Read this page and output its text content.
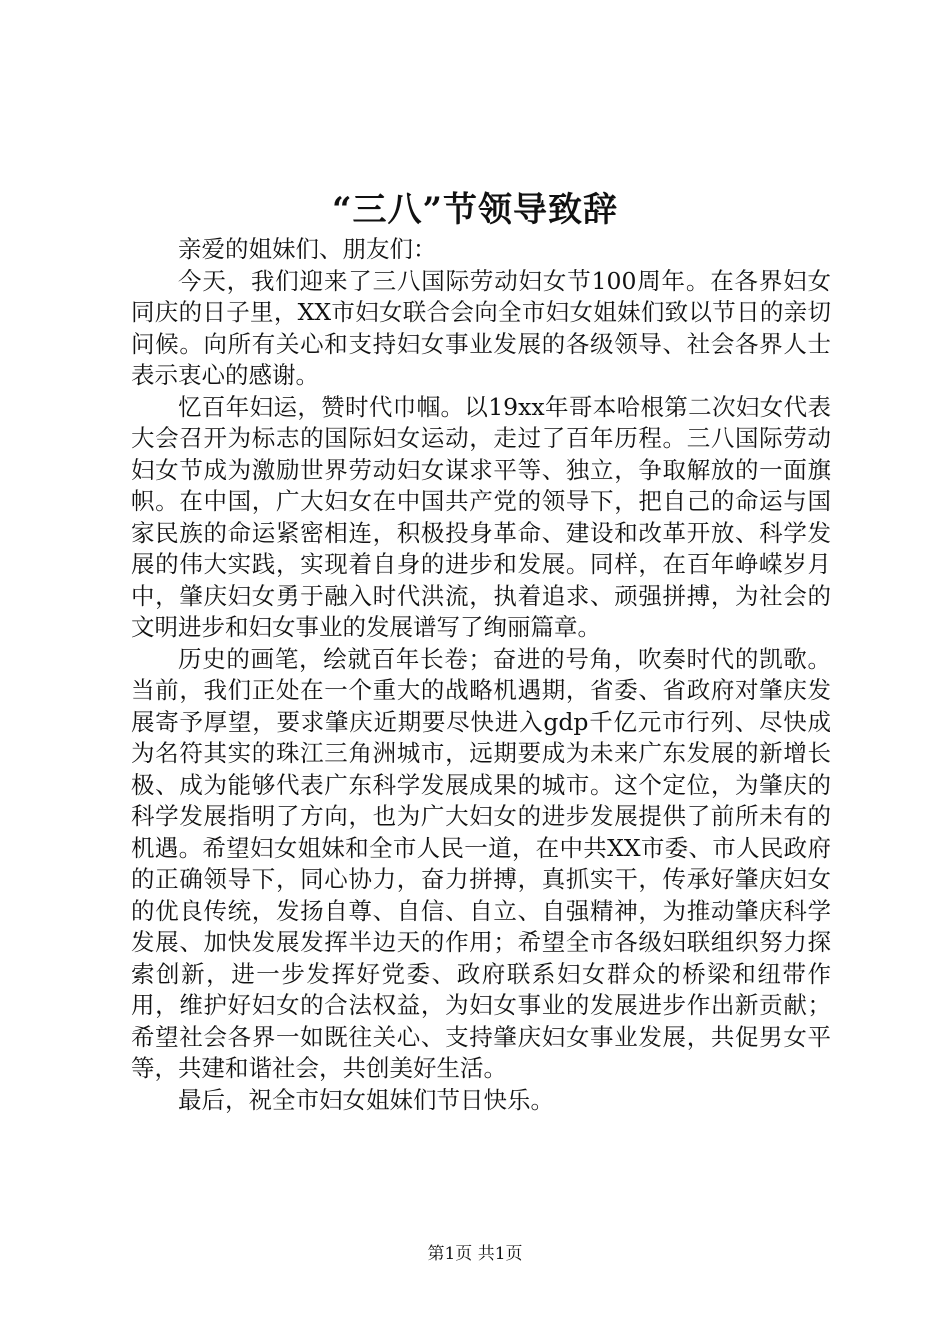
“三八”节领导致辞

亲爱的姐妹们、朋友们：

今天，我们迎来了三八国际劳动妇女节100周年。在各界妇女同庆的日子里，XX市妇女联合会向全市妇女姐妹们致以节日的亲切问候。向所有关心和支持妇女事业发展的各级领导、社会各界人士表示衷心的感谢。

忆百年妇运，赞时代巾帼。以19xx年哥本哈根第二次妇女代表大会召开为标志的国际妇女运动，走过了百年历程。三八国际劳动妇女节成为激励世界劳动妇女谋求平等、独立，争取解放的一面旗帜。在中国，广大妇女在中国共产党的领导下，把自己的命运与国家民族的命运紧密相连，积极投身革命、建设和改革开放、科学发展的伟大实践，实现着自身的进步和发展。同样，在百年峥嵘岁月中，肇庆妇女勇于融入时代洪流，执着追求、顽强拼搏，为社会的文明进步和妇女事业的发展谱写了绚丽篇章。

历史的画笔，绘就百年长卷；奋进的号角，吹奏时代的凯歌。当前，我们正处在一个重大的战略机遇期，省委、省政府对肇庆发展寄予厚望，要求肇庆近期要尽快进入gdp千亿元市行列、尽快成为名符其实的珠江三角洲城市，远期要成为未来广东发展的新增长极、成为能够代表广东科学发展成果的城市。这个定位，为肇庆的科学发展指明了方向，也为广大妇女的进步发展提供了前所未有的机遇。希望妇女姐妹和全市人民一道，在中共XX市委、市人民政府的正确领导下，同心协力，奋力拼搏，真抓实干，传承好肇庆妇女的优良传统，发扬自尊、自信、自立、自强精神，为推动肇庆科学发展、加快发展发挥半边天的作用；希望全市各级妇联组织努力探索创新，进一步发挥好党委、政府联系妇女群众的桥梁和纽带作用，维护好妇女的合法权益，为妇女事业的发展进步作出新贡献；希望社会各界一如既往关心、支持肇庆妇女事业发展，共促男女平等，共建和谐社会，共创美好生活。

最后，祝全市妇女姐妹们节日快乐。

第1页 共1页
